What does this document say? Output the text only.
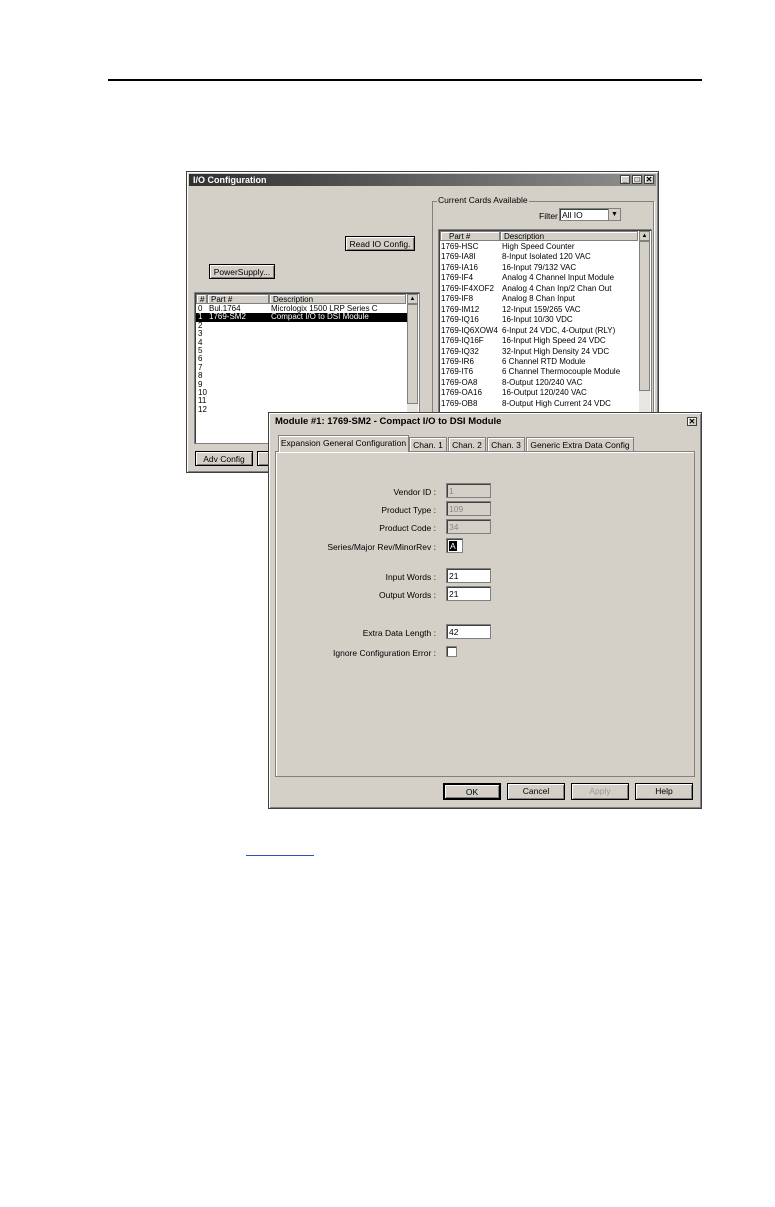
I/O Configuration	_ □ ✕
Read IO Config.
PowerSupply...
# Part #	Description
0 Bul.1764	Micrologix 1500 LRP Series C
1 1769-SM2	Compact I/O to DSI Module
2
3
4
5
6
7
8
9
10
11
12
▲
Adv Config
Current Cards Available
Filter All IO	▼
Part #	Description
1769-HSC	High Speed Counter
1769-IA8I	8-Input Isolated 120 VAC
1769-IA16	16-Input 79/132 VAC
1769-IF4	Analog 4 Channel Input Module
1769-IF4XOF2 Analog 4 Chan Inp/2 Chan Out
1769-IF8	Analog 8 Chan Input
1769-IM12	12-Input 159/265 VAC
1769-IQ16	16-Input 10/30 VDC
1769-IQ6XOW4 6-Input 24 VDC, 4-Output (RLY)
1769-IQ16F 16-Input High Speed 24 VDC
1769-IQ32	32-Input High Density 24 VDC
1769-IR6	6 Channel RTD Module
1769-IT6	6 Channel Thermocouple Module
1769-OA8	8-Output 120/240 VAC
1769-OA16	16-Output 120/240 VAC
1769-OB8	8-Output High Current 24 VDC
▲
Module #1: 1769-SM2 - Compact I/O to DSI Module	✕
Expansion General Configuration Chan. 1	Chan. 2	Chan. 3	Generic Extra Data Config
Vendor ID :	1
Product Type :	109
Product Code :	34
Series/Major Rev/MinorRev :	A
Input Words :	21
Output Words :	21
Extra Data Length :	42
Ignore Configuration Error :
OK	Cancel	Apply	Help
